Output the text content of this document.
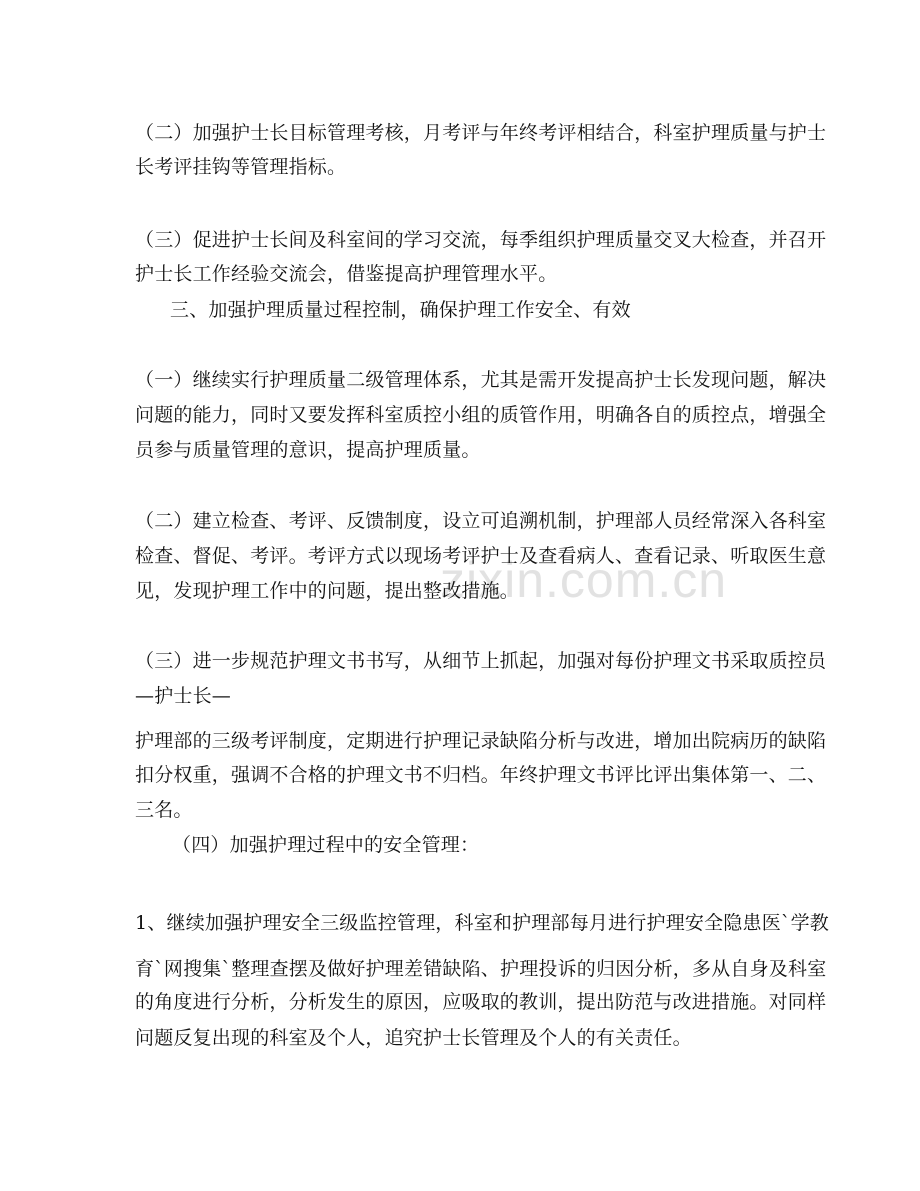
zixin.com.cn
（二）加强护士长目标管理考核，月考评与年终考评相结合，科室护理质量与护士
长考评挂钩等管理指标。
（三）促进护士长间及科室间的学习交流，每季组织护理质量交叉大检查，并召开
护士长工作经验交流会，借鉴提高护理管理水平。
三、加强护理质量过程控制，确保护理工作安全、有效
（一）继续实行护理质量二级管理体系，尤其是需开发提高护士长发现问题，解决
问题的能力，同时又要发挥科室质控小组的质管作用，明确各自的质控点，增强全
员参与质量管理的意识，提高护理质量。
（二）建立检查、考评、反馈制度，设立可追溯机制，护理部人员经常深入各科室
检查、督促、考评。考评方式以现场考评护士及查看病人、查看记录、听取医生意
见，发现护理工作中的问题，提出整改措施。
（三）进一步规范护理文书书写，从细节上抓起，加强对每份护理文书采取质控员
—护士长—
护理部的三级考评制度，定期进行护理记录缺陷分析与改进，增加出院病历的缺陷
扣分权重，强调不合格的护理文书不归档。年终护理文书评比评出集体第一、二、
三名。
（四）加强护理过程中的安全管理：
1、继续加强护理安全三级监控管理，科室和护理部每月进行护理安全隐患医`学教
育`网搜集`整理查摆及做好护理差错缺陷、护理投诉的归因分析，多从自身及科室
的角度进行分析，分析发生的原因，应吸取的教训，提出防范与改进措施。对同样
问题反复出现的科室及个人，追究护士长管理及个人的有关责任。
